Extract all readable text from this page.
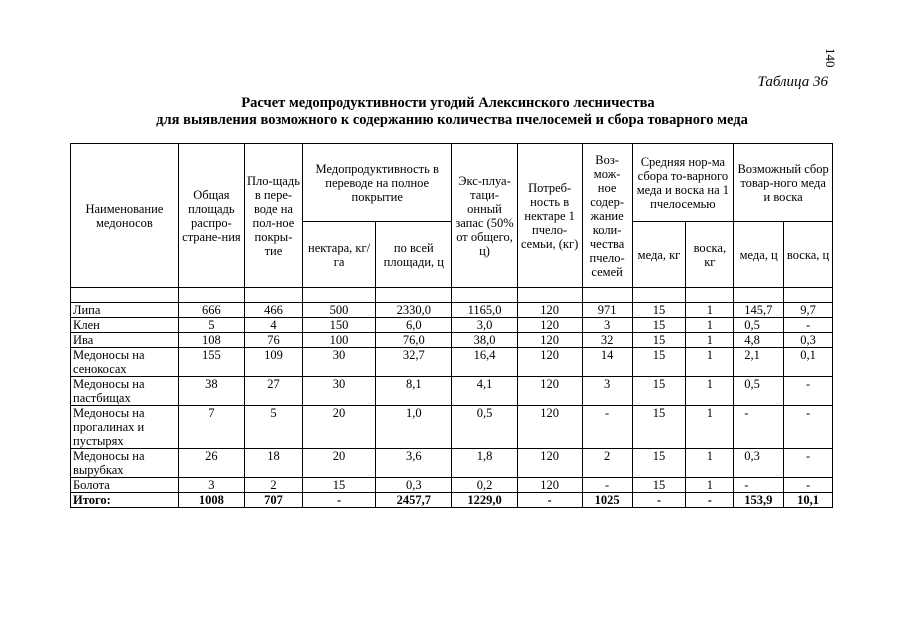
140
Таблица 36
Расчет медопродуктивности угодий Алексинского лесничества
для выявления возможного к содержанию количества пчелосемей и сбора товарного меда
Наименование медоносов	Общая площадь распро-стране-ния	Пло-щадь в пере-воде на пол-ное покры-тие	Медопродуктивность в переводе на полное покрытие		Экс-плуа-таци-онный запас (50% от общего, ц)	Потреб-ность в нектаре 1 пчело-семьи, (кг)	Воз-мож-ное содер-жание коли-чества пчело-семей	Средняя нор-ма сбора то-варного меда и воска на 1 пчелосемью		Возможный сбор товар-ного меда и воска	
			нектара, кг/га	по всей площади, ц				меда, кг	воска, кг	меда, ц	воска, ц

Липа	666	466	500	2330,0	1165,0	120	971	15	1	145,7	9,7
Клен	5	4	150	6,0	3,0	120	3	15	1	0,5	-
Ива	108	76	100	76,0	38,0	120	32	15	1	4,8	0,3
Медоносы на сенокосах	155	109	30	32,7	16,4	120	14	15	1	2,1	0,1
Медоносы на пастбищах	38	27	30	8,1	4,1	120	3	15	1	0,5	-
Медоносы на прогалинах и пустырях	7	5	20	1,0	0,5	120	-	15	1	-	-
Медоносы на вырубках	26	18	20	3,6	1,8	120	2	15	1	0,3	-
Болота	3	2	15	0,3	0,2	120	-	15	1	-	-
Итого:	1008	707	-	2457,7	1229,0	-	1025	-	-	153,9	10,1
